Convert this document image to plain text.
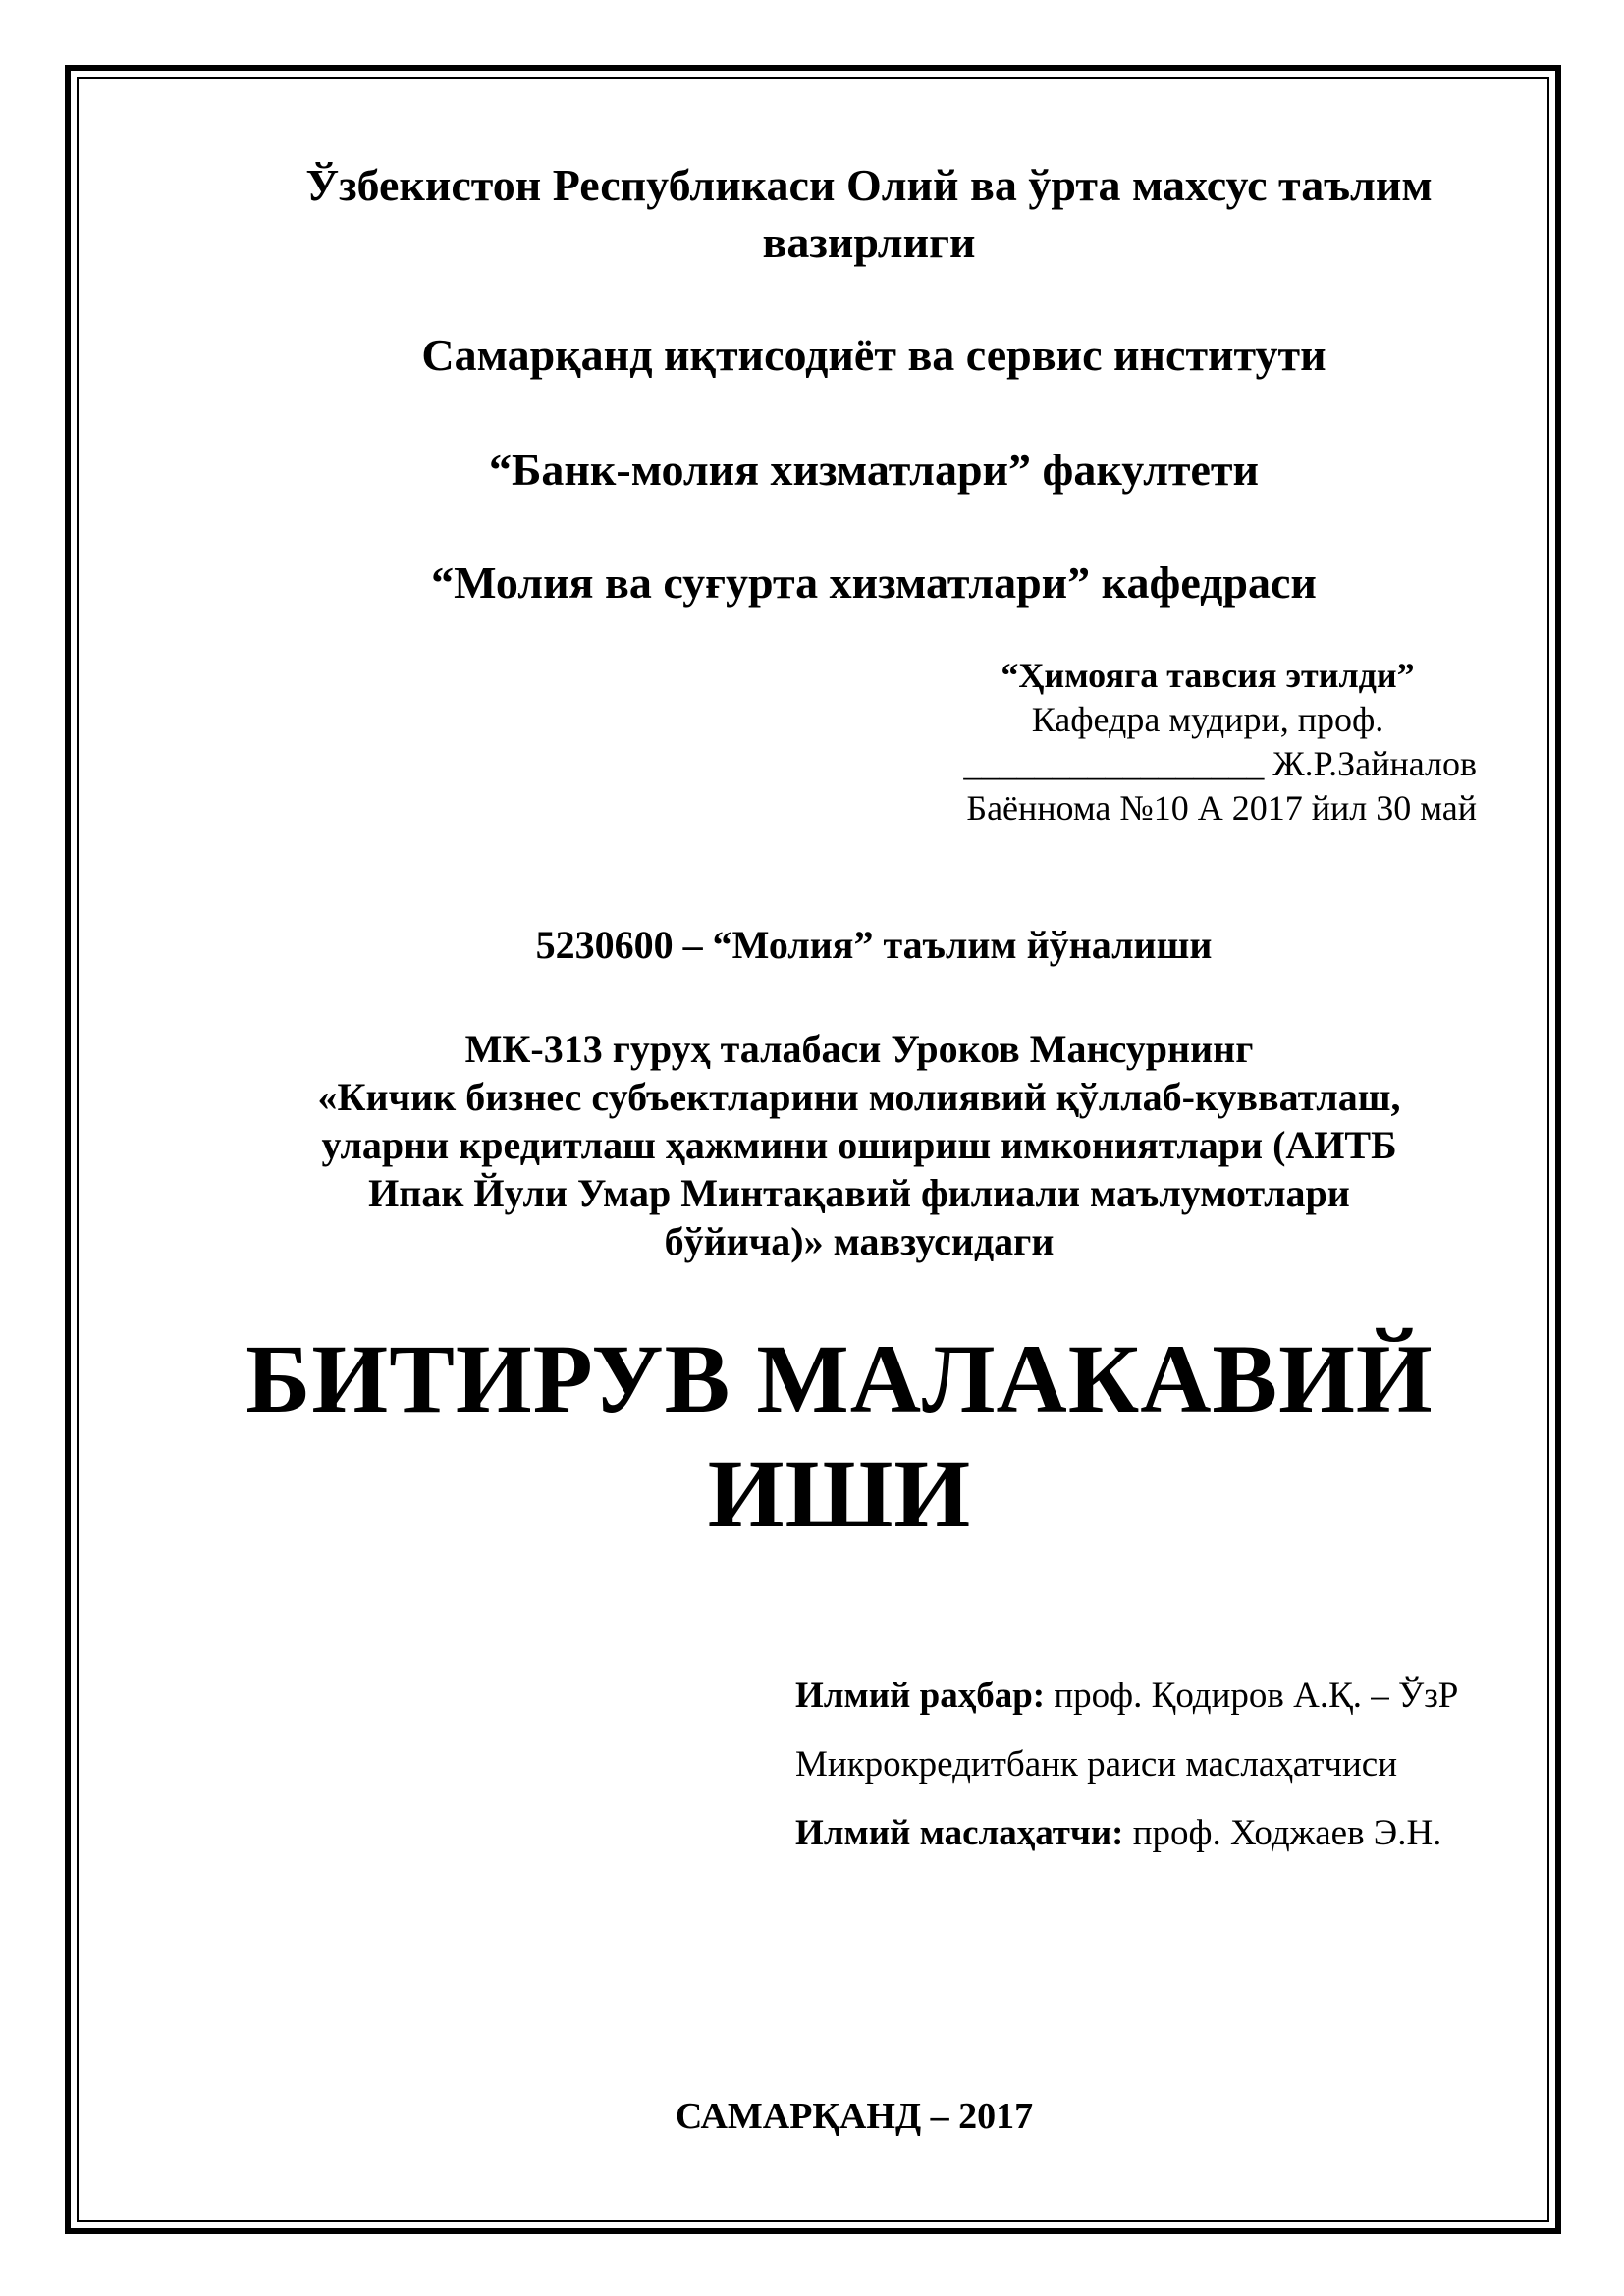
Ўзбекистон Республикаси Олий ва ўрта махсус таълим

вазирлиги

Самарқанд иқтисодиёт ва сервис институти

“Банк-молия хизматлари” факултети

“Молия ва суғурта хизматлари” кафедраси

“Ҳимояга тавсия этилди”

Кафедра мудири, проф.

_________________ Ж.Р.Зайналов

Баённома №10 А 2017 йил 30 май

5230600 – “Молия” таълим йўналиши

МК-313 гуруҳ талабаси Уроков Мансурнинг

«Кичик бизнес субъектларини молиявий қўллаб-кувватлаш,

уларни кредитлаш ҳажмини ошириш имкониятлари (АИТБ

Ипак Йули Умар Минтақавий филиали маълумотлари

бўйича)» мавзусидаги

БИТИРУВ МАЛАКАВИЙ

ИШИ

Илмий раҳбар: проф. Қодиров А.Қ. – ЎзР

Микрокредитбанк раиси маслаҳатчиси

Илмий маслаҳатчи: проф. Ходжаев Э.Н.

САМАРҚАНД – 2017
